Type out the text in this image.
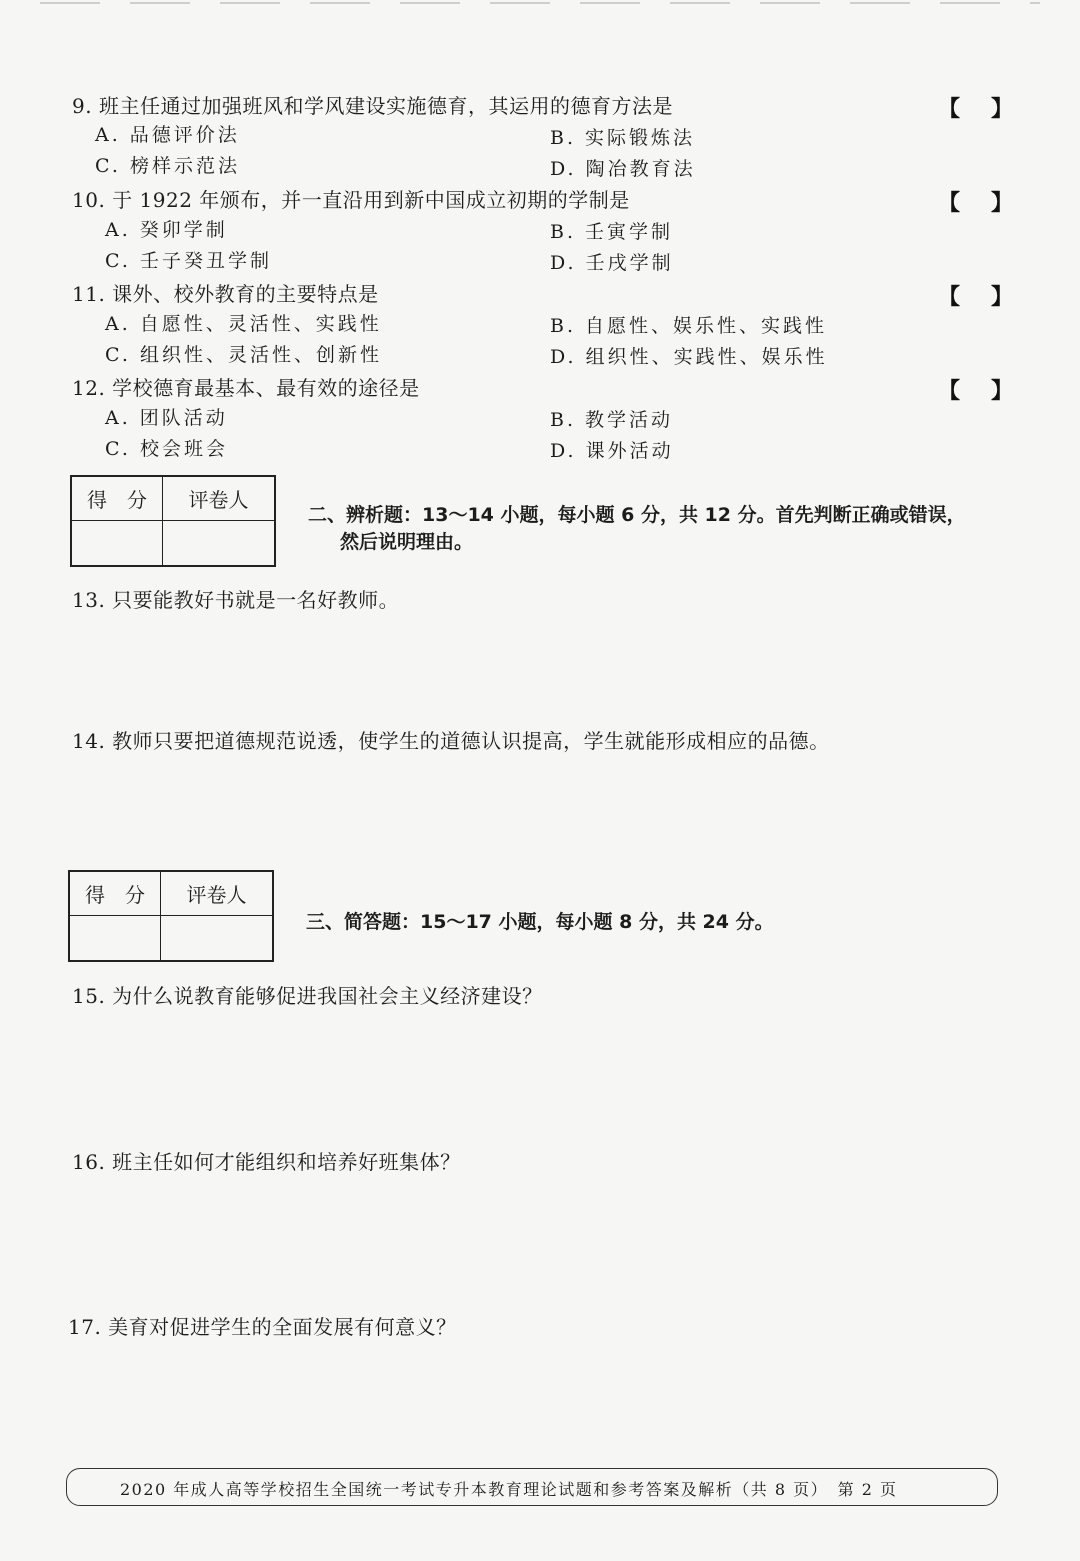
9. 班主任通过加强班风和学风建设实施德育，其运用的德育方法是	【 】
A. 品德评价法	B. 实际锻炼法
C. 榜样示范法	D. 陶冶教育法
10. 于 1922 年颁布，并一直沿用到新中国成立初期的学制是	【 】
A. 癸卯学制	B. 壬寅学制
C. 壬子癸丑学制	D. 壬戌学制
11. 课外、校外教育的主要特点是	【 】
A. 自愿性、灵活性、实践性	B. 自愿性、娱乐性、实践性
C. 组织性、灵活性、创新性	D. 组织性、实践性、娱乐性
12. 学校德育最基本、最有效的途径是	【 】
A. 团队活动	B. 教学活动
C. 校会班会	D. 课外活动
得　分	评卷人

二、辨析题：13～14 小题，每小题 6 分，共 12 分。首先判断正确或错误，
然后说明理由。
13. 只要能教好书就是一名好教师。
14. 教师只要把道德规范说透，使学生的道德认识提高，学生就能形成相应的品德。
得　分	评卷人

三、简答题：15～17 小题，每小题 8 分，共 24 分。
15. 为什么说教育能够促进我国社会主义经济建设？
16. 班主任如何才能组织和培养好班集体？
17. 美育对促进学生的全面发展有何意义？
2020 年成人高等学校招生全国统一考试专升本教育理论试题和参考答案及解析（共 8 页）　第 2 页
